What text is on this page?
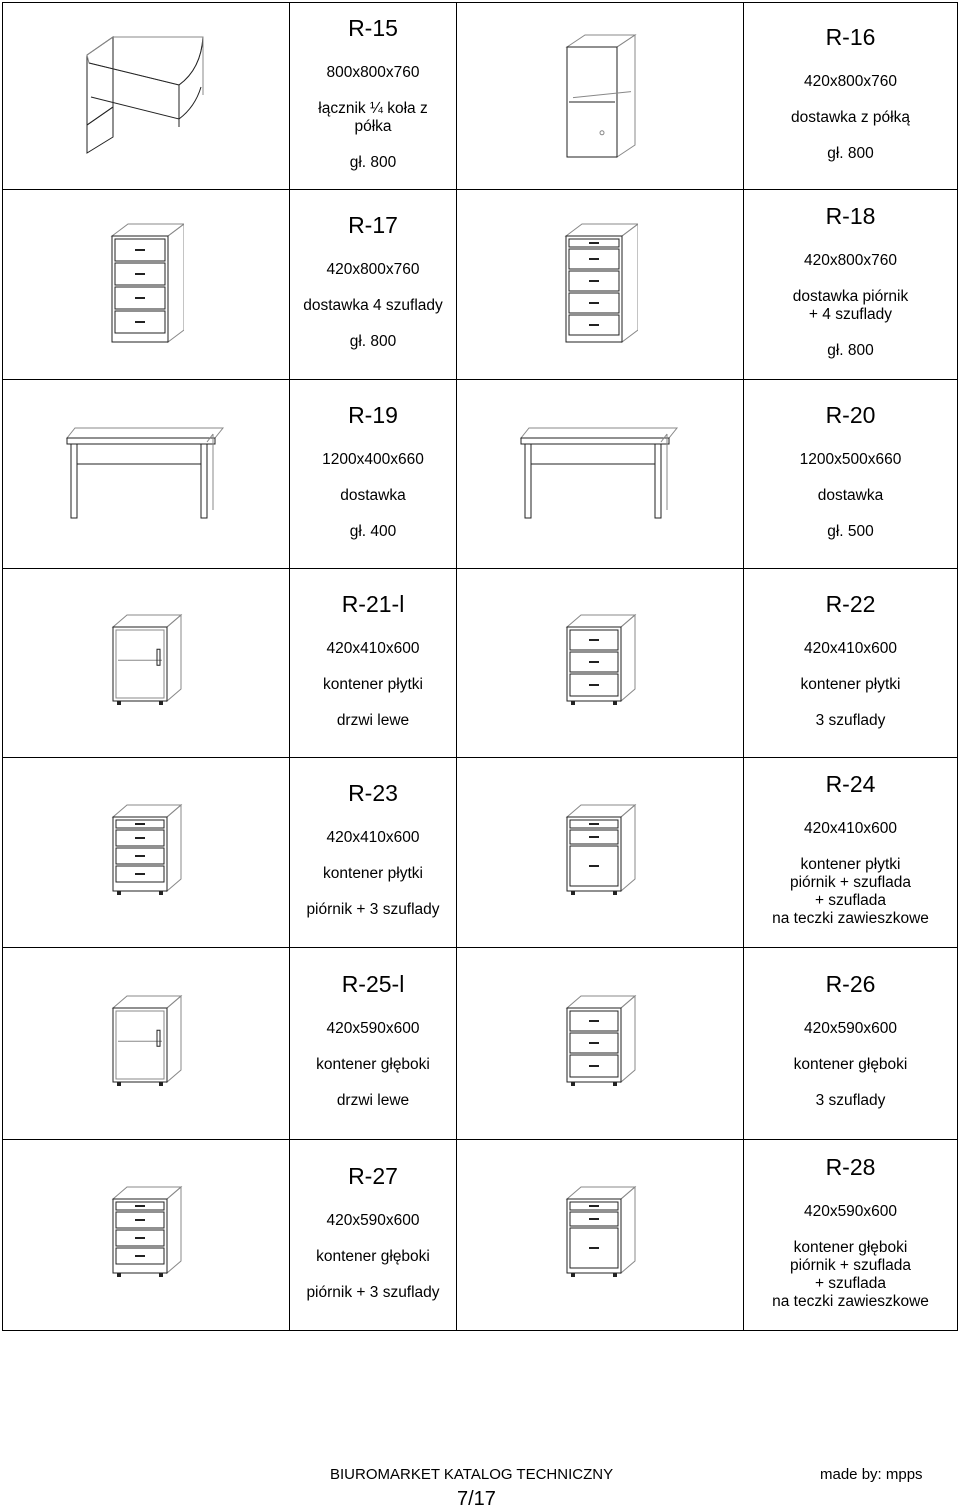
R-15
800x800x760
łącznik ¼ koła z
półka
gł. 800
R-16
420x800x760
dostawka z półką
gł. 800
R-17
420x800x760
dostawka 4 szuflady
gł. 800
R-18
420x800x760
dostawka piórnik
+ 4 szuflady
gł. 800
R-19
1200x400x660
dostawka
gł. 400
R-20
1200x500x660
dostawka
gł. 500
R-21-l
420x410x600
kontener płytki
drzwi lewe
R-22
420x410x600
kontener płytki
3 szuflady
R-23
420x410x600
kontener płytki
piórnik + 3 szuflady
R-24
420x410x600
kontener płytki
piórnik + szuflada
+ szuflada
na teczki zawieszkowe
R-25-l
420x590x600
kontener głęboki
drzwi lewe
R-26
420x590x600
kontener głęboki
3 szuflady
R-27
420x590x600
kontener głęboki
piórnik + 3 szuflady
R-28
420x590x600
kontener głęboki
piórnik + szuflada
+ szuflada
na teczki zawieszkowe
BIUROMARKET KATALOG TECHNICZNY	made by: mpps
7/17
